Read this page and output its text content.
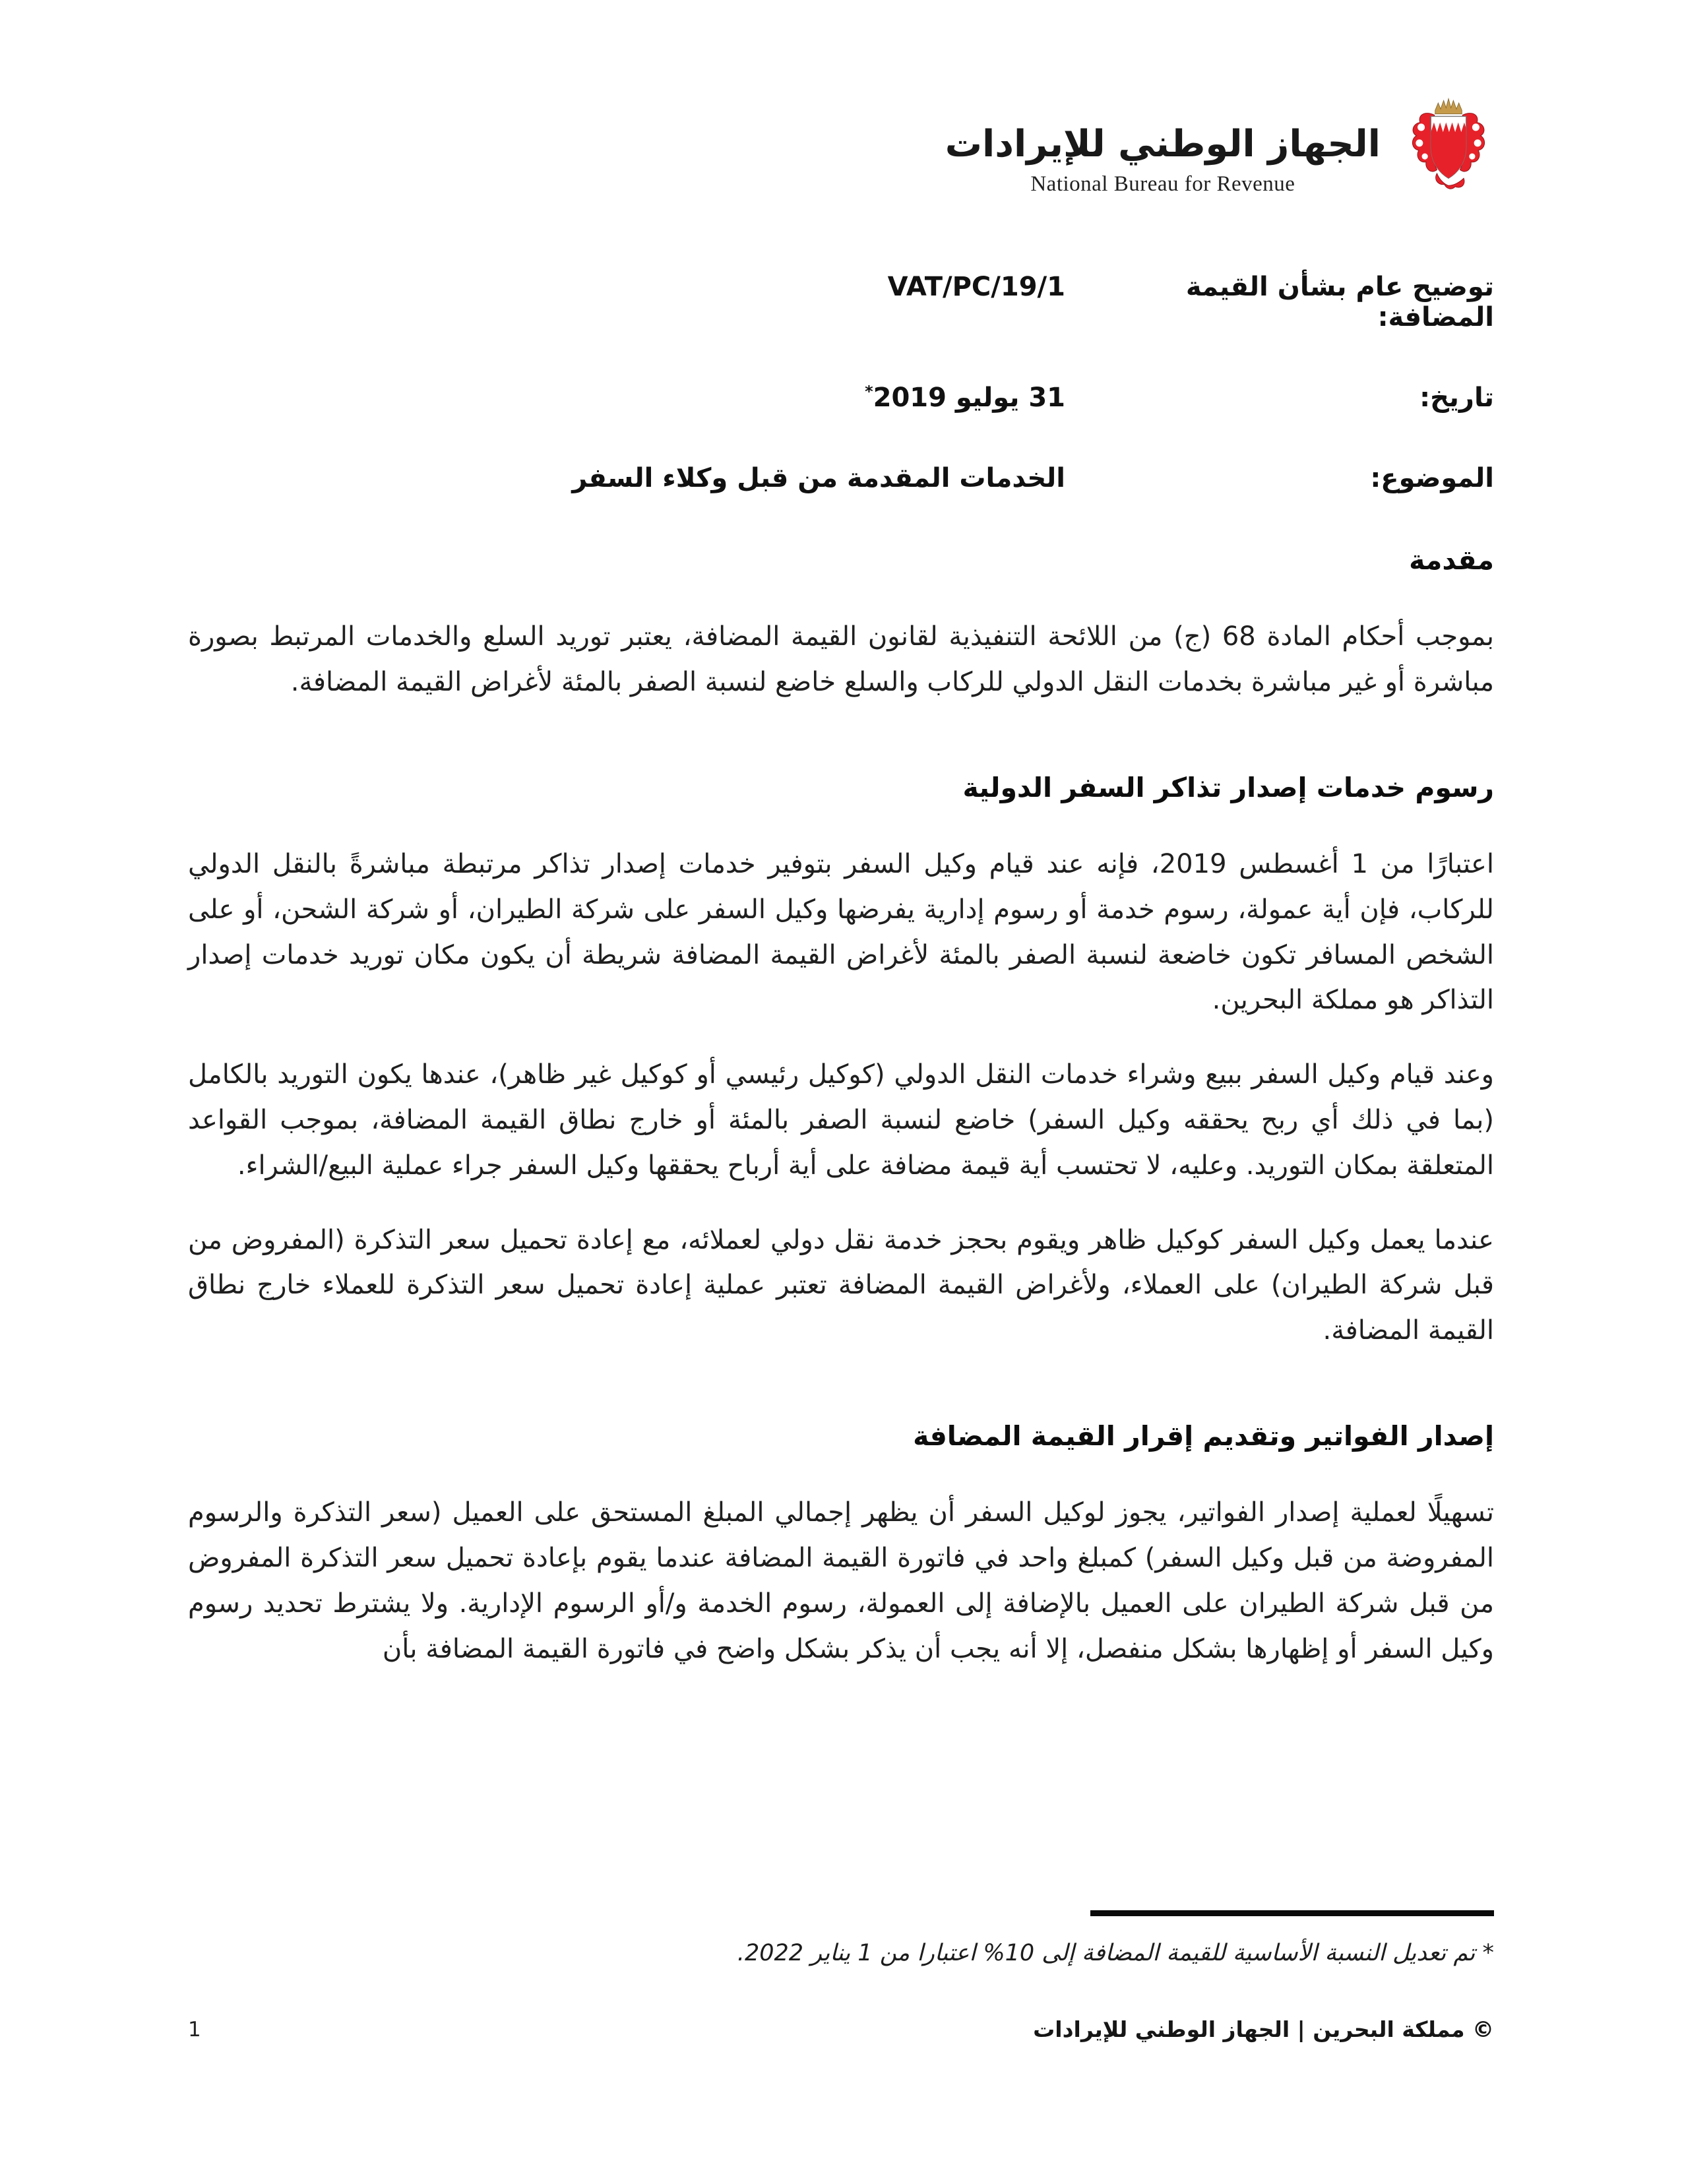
الجهاز الوطني للإيرادات
National Bureau for Revenue
توضيح عام بشأن القيمة المضافة:
VAT/PC/19/1
تاريخ:
31 يوليو 2019*
الموضوع:
الخدمات المقدمة من قبل وكلاء السفر
مقدمة

بموجب أحكام المادة 68 (ج) من اللائحة التنفيذية لقانون القيمة المضافة، يعتبر توريد السلع والخدمات المرتبط بصورة مباشرة أو غير مباشرة بخدمات النقل الدولي للركاب والسلع خاضع لنسبة الصفر بالمئة لأغراض القيمة المضافة.

رسوم خدمات إصدار تذاكر السفر الدولية

اعتبارًا من 1 أغسطس 2019، فإنه عند قيام وكيل السفر بتوفير خدمات إصدار تذاكر مرتبطة مباشرةً بالنقل الدولي للركاب، فإن أية عمولة، رسوم خدمة أو رسوم إدارية يفرضها وكيل السفر على شركة الطيران، أو شركة الشحن، أو على الشخص المسافر تكون خاضعة لنسبة الصفر بالمئة لأغراض القيمة المضافة شريطة أن يكون مكان توريد خدمات إصدار التذاكر هو مملكة البحرين.

وعند قيام وكيل السفر ببيع وشراء خدمات النقل الدولي (كوكيل رئيسي أو كوكيل غير ظاهر)، عندها يكون التوريد بالكامل (بما في ذلك أي ربح يحققه وكيل السفر) خاضع لنسبة الصفر بالمئة أو خارج نطاق القيمة المضافة، بموجب القواعد المتعلقة بمكان التوريد. وعليه، لا تحتسب أية قيمة مضافة على أية أرباح يحققها وكيل السفر جراء عملية البيع/الشراء.

عندما يعمل وكيل السفر كوكيل ظاهر ويقوم بحجز خدمة نقل دولي لعملائه، مع إعادة تحميل سعر التذكرة (المفروض من قبل شركة الطيران) على العملاء، ولأغراض القيمة المضافة تعتبر عملية إعادة تحميل سعر التذكرة للعملاء خارج نطاق القيمة المضافة.

إصدار الفواتير وتقديم إقرار القيمة المضافة

تسهيلًا لعملية إصدار الفواتير، يجوز لوكيل السفر أن يظهر إجمالي المبلغ المستحق على العميل (سعر التذكرة والرسوم المفروضة من قبل وكيل السفر) كمبلغ واحد في فاتورة القيمة المضافة عندما يقوم بإعادة تحميل سعر التذكرة المفروض من قبل شركة الطيران على العميل بالإضافة إلى العمولة، رسوم الخدمة و/أو الرسوم الإدارية. ولا يشترط تحديد رسوم وكيل السفر أو إظهارها بشكل منفصل، إلا أنه يجب أن يذكر بشكل واضح في فاتورة القيمة المضافة بأن

* تم تعديل النسبة الأساسية للقيمة المضافة إلى 10% اعتبارا من 1 يناير 2022.
© مملكة البحرين | الجهاز الوطني للإيرادات
1
